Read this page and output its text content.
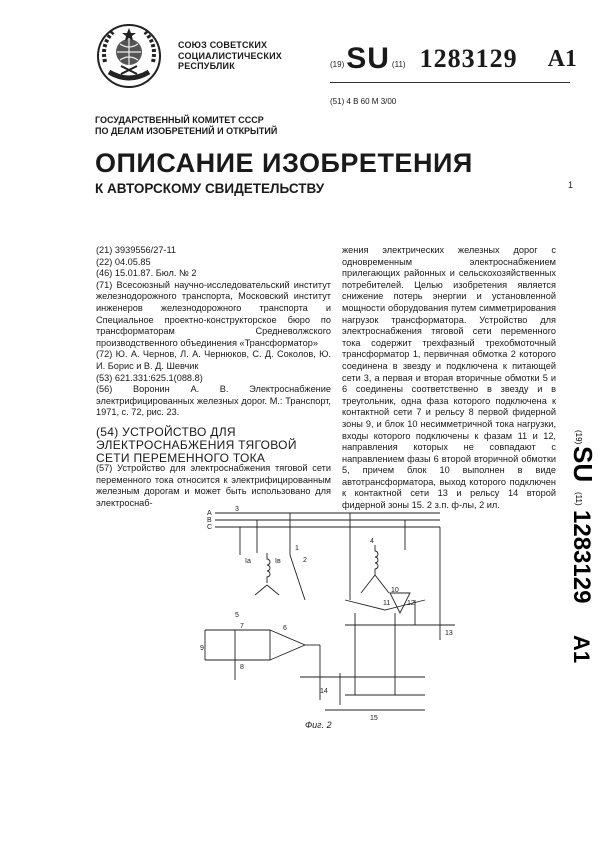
СОЮЗ СОВЕТСКИХ
СОЦИАЛИСТИЧЕСКИХ
РЕСПУБЛИК	(19) SU (11) 1283129 A1
(51) 4 B 60 M 3/00
ГОСУДАРСТВЕННЫЙ КОМИТЕТ СССР
ПО ДЕЛАМ ИЗОБРЕТЕНИЙ И ОТКРЫТИЙ
ОПИСАНИЕ ИЗОБРЕТЕНИЯ
К АВТОРСКОМУ СВИДЕТЕЛЬСТВУ	1
(21) 3939556/27-11
(22) 04.05.85
(46) 15.01.87. Бюл. № 2
(71) Всесоюзный научно-исследовательский институт железнодорожного транспорта, Московский институт инженеров железнодорожного транспорта и Специальное проектно-конструкторское бюро по трансформаторам Средневолжского производственного объединения «Трансформатор»
(72) Ю. А. Чернов, Л. А. Чернюков, С. Д. Соколов, Ю. И. Борис и В. Д. Шевчик
(53) 621.331:625.1(088.8)
(56) Воронин А. В. Электроснабжение электрифицированных железных дорог. М.: Транспорт, 1971, с. 72, рис. 23.
(54) УСТРОЙСТВО ДЛЯ ЭЛЕКТРОСНАБЖЕНИЯ ТЯГОВОЙ СЕТИ ПЕРЕМЕННОГО ТОКА
(57) Устройство для электроснабжения тяговой сети переменного тока относится к электрифицированным железным дорогам и может быть использовано для электроснаб-
жения электрических железных дорог с одновременным электроснабжением прилегающих районных и сельскохозяйственных потребителей. Целью изобретения является снижение потерь энергии и установленной мощности оборудования путем симметрирования нагрузок трансформатора. Устройство для электроснабжения тяговой сети переменного тока содержит трехфазный трехобмоточный трансформатор 1, первичная обмотка 2 которого соединена в звезду и подключена к питающей сети 3, а первая и вторая вторичные обмотки 5 и 6 соединены соответственно в звезду и в треугольник, одна фаза которого подключена к контактной сети 7 и рельсу 8 первой фидерной зоны 9, и блок 10 несимметричной тока нагрузки, входы которого подключены к фазам 11 и 12, направления которых не совпадают с направлением фазы 6 второй вторичной обмотки 5, причем блок 10 выполнен в виде автотрансформатора, выход которого подключен к контактной сети 13 и рельсу 14 второй фидерной зоны 15. 2 з.п. ф-лы, 2 ил.
(19)
SU
(11)
1283129
A1
A
B
C
3
Iа	Iв
1
2
9
7
8
6
5
10
11 12
4
13
14
15
Фиг. 2
